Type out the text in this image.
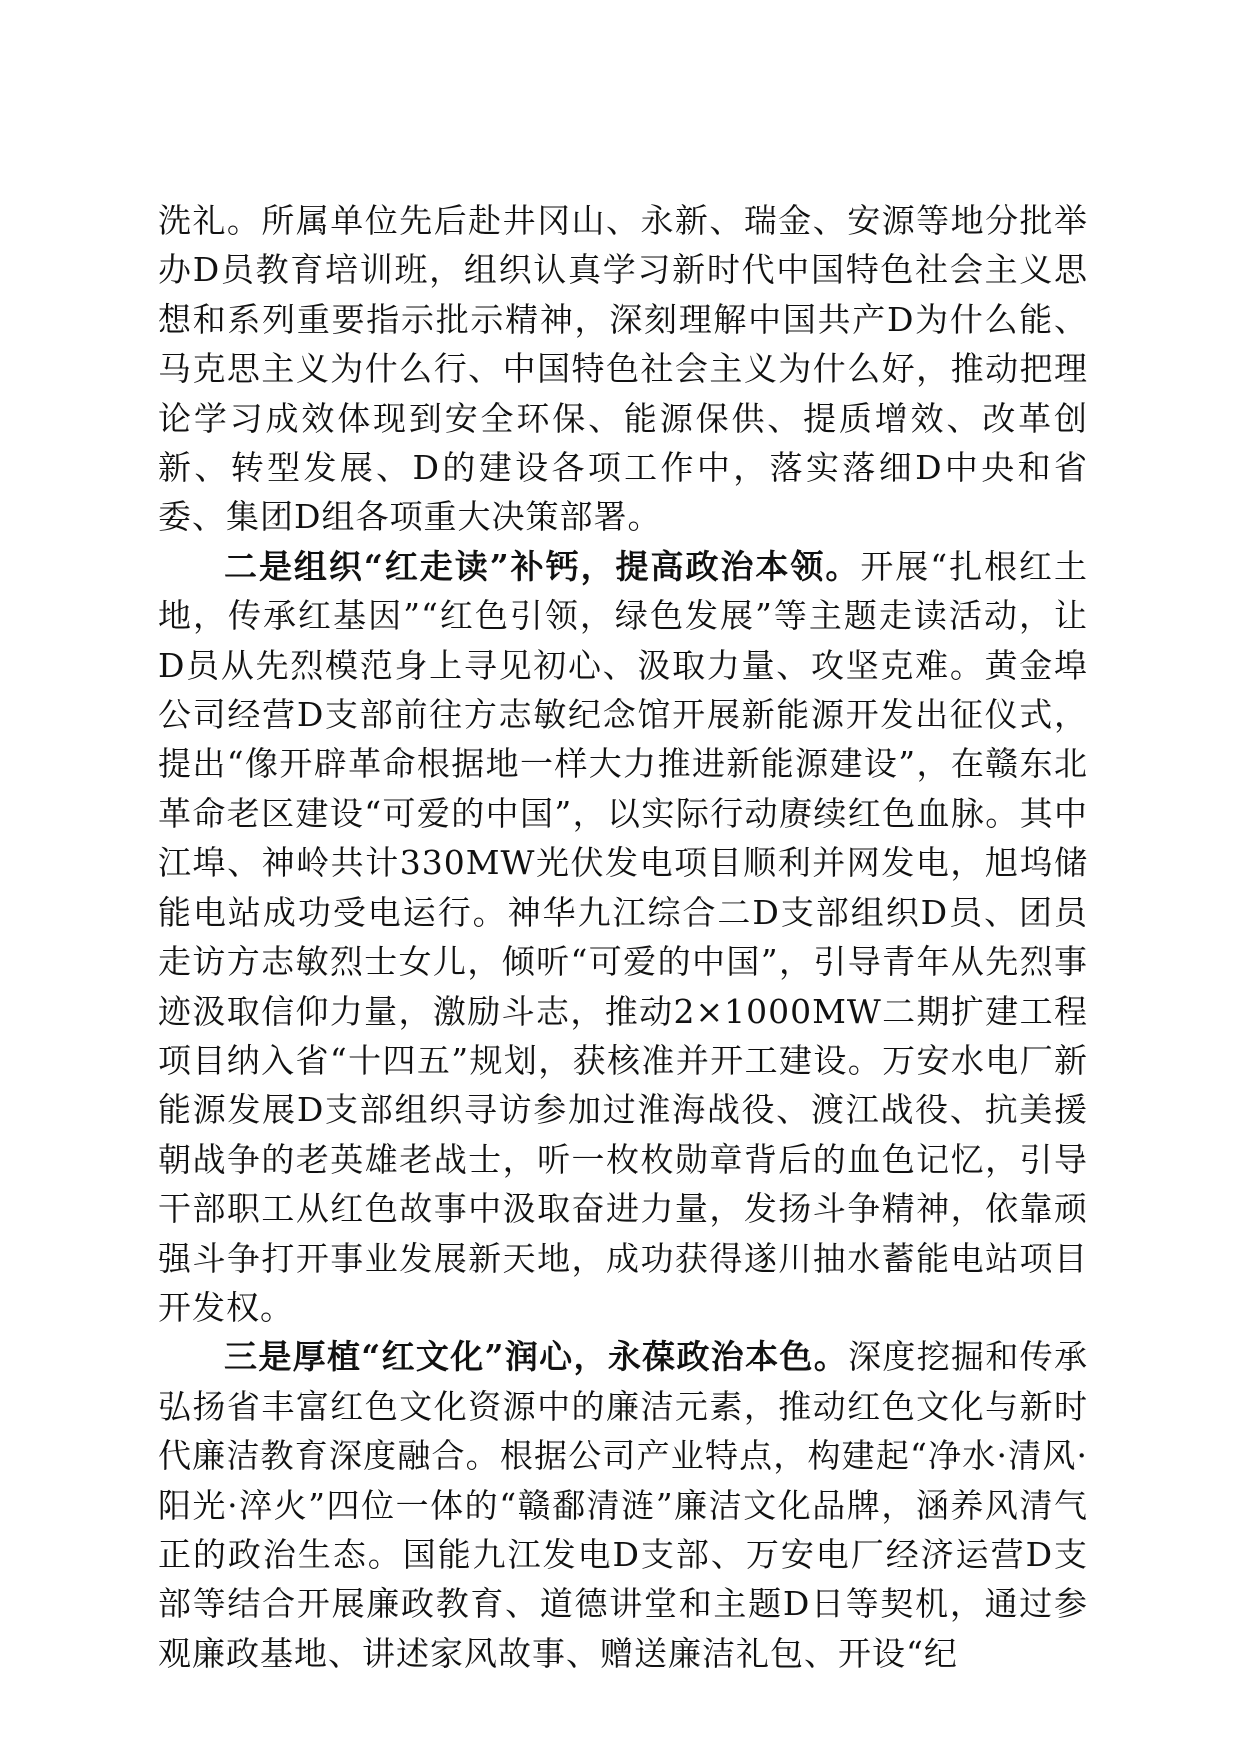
洗礼。所属单位先后赴井冈山、永新、瑞金、安源等地分批举办D员教育培训班，组织认真学习新时代中国特色社会主义思想和系列重要指示批示精神，深刻理解中国共产D为什么能、马克思主义为什么行、中国特色社会主义为什么好，推动把理论学习成效体现到安全环保、能源保供、提质增效、改革创新、转型发展、D的建设各项工作中，落实落细D中央和省委、集团D组各项重大决策部署。

二是组织“红走读”补钙，提高政治本领。开展“扎根红土地，传承红基因”“红色引领，绿色发展”等主题走读活动，让D员从先烈模范身上寻见初心、汲取力量、攻坚克难。黄金埠公司经营D支部前往方志敏纪念馆开展新能源开发出征仪式，提出“像开辟革命根据地一样大力推进新能源建设”，在赣东北革命老区建设“可爱的中国”，以实际行动赓续红色血脉。其中江埠、神岭共计330MW光伏发电项目顺利并网发电，旭坞储能电站成功受电运行。神华九江综合二D支部组织D员、团员走访方志敏烈士女儿，倾听“可爱的中国”，引导青年从先烈事迹汲取信仰力量，激励斗志，推动2×1000MW二期扩建工程项目纳入省“十四五”规划，获核准并开工建设。万安水电厂新能源发展D支部组织寻访参加过淮海战役、渡江战役、抗美援朝战争的老英雄老战士，听一枚枚勋章背后的血色记忆，引导干部职工从红色故事中汲取奋进力量，发扬斗争精神，依靠顽强斗争打开事业发展新天地，成功获得遂川抽水蓄能电站项目开发权。

三是厚植“红文化”润心，永葆政治本色。深度挖掘和传承弘扬省丰富红色文化资源中的廉洁元素，推动红色文化与新时代廉洁教育深度融合。根据公司产业特点，构建起“净水·清风·阳光·淬火”四位一体的“赣鄱清涟”廉洁文化品牌，涵养风清气正的政治生态。国能九江发电D支部、万安电厂经济运营D支部等结合开展廉政教育、道德讲堂和主题D日等契机，通过参观廉政基地、讲述家风故事、赠送廉洁礼包、开设“纪
